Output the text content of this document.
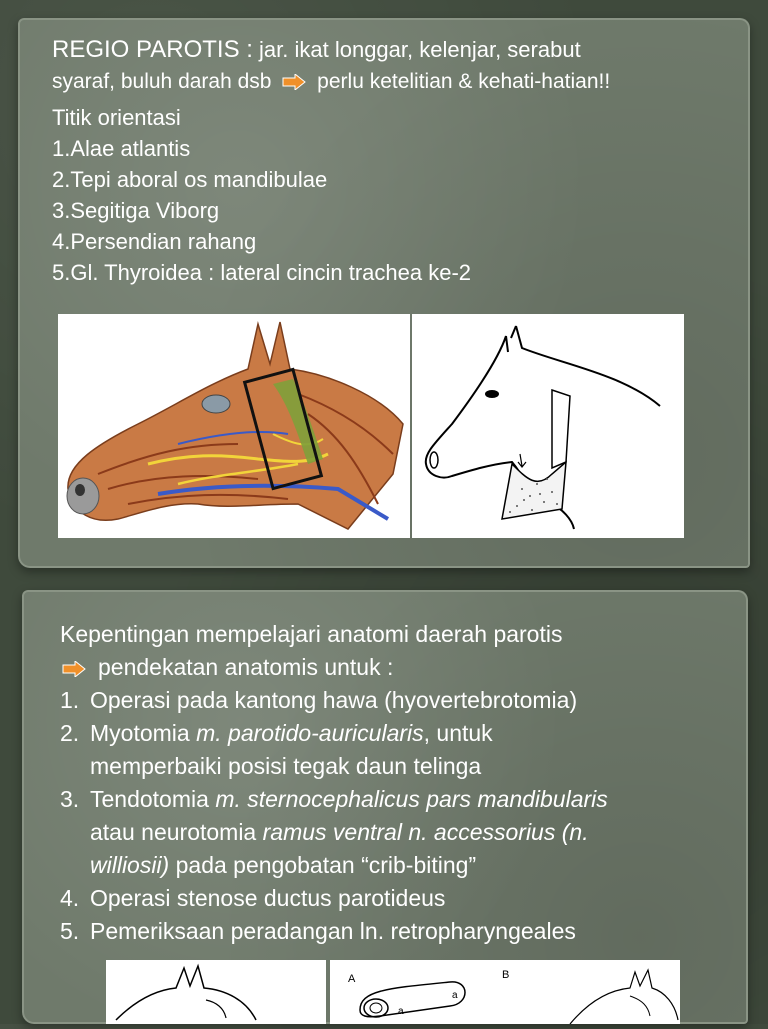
REGIO PAROTIS : jar. ikat longgar, kelenjar, serabut
syaraf, buluh darah dsb perlu ketelitian & kehati-hatian!!
Titik orientasi
1.Alae atlantis
2.Tepi aboral os mandibulae
3.Segitiga Viborg
4.Persendian rahang
5.Gl. Thyroidea : lateral cincin trachea ke-2
Kepentingan mempelajari anatomi daerah parotis
pendekatan anatomis untuk :
1. Operasi pada kantong hawa (hyovertebrotomia)
2. Myotomia m. parotido-auricularis, untuk
memperbaiki posisi tegak daun telinga
3. Tendotomia m. sternocephalicus pars mandibularis
atau neurotomia ramus ventral n. accessorius (n.
williosii) pada pengobatan “crib-biting”
4. Operasi stenose ductus parotideus
5. Pemeriksaan peradangan ln. retropharyngeales
A	B
a
a
